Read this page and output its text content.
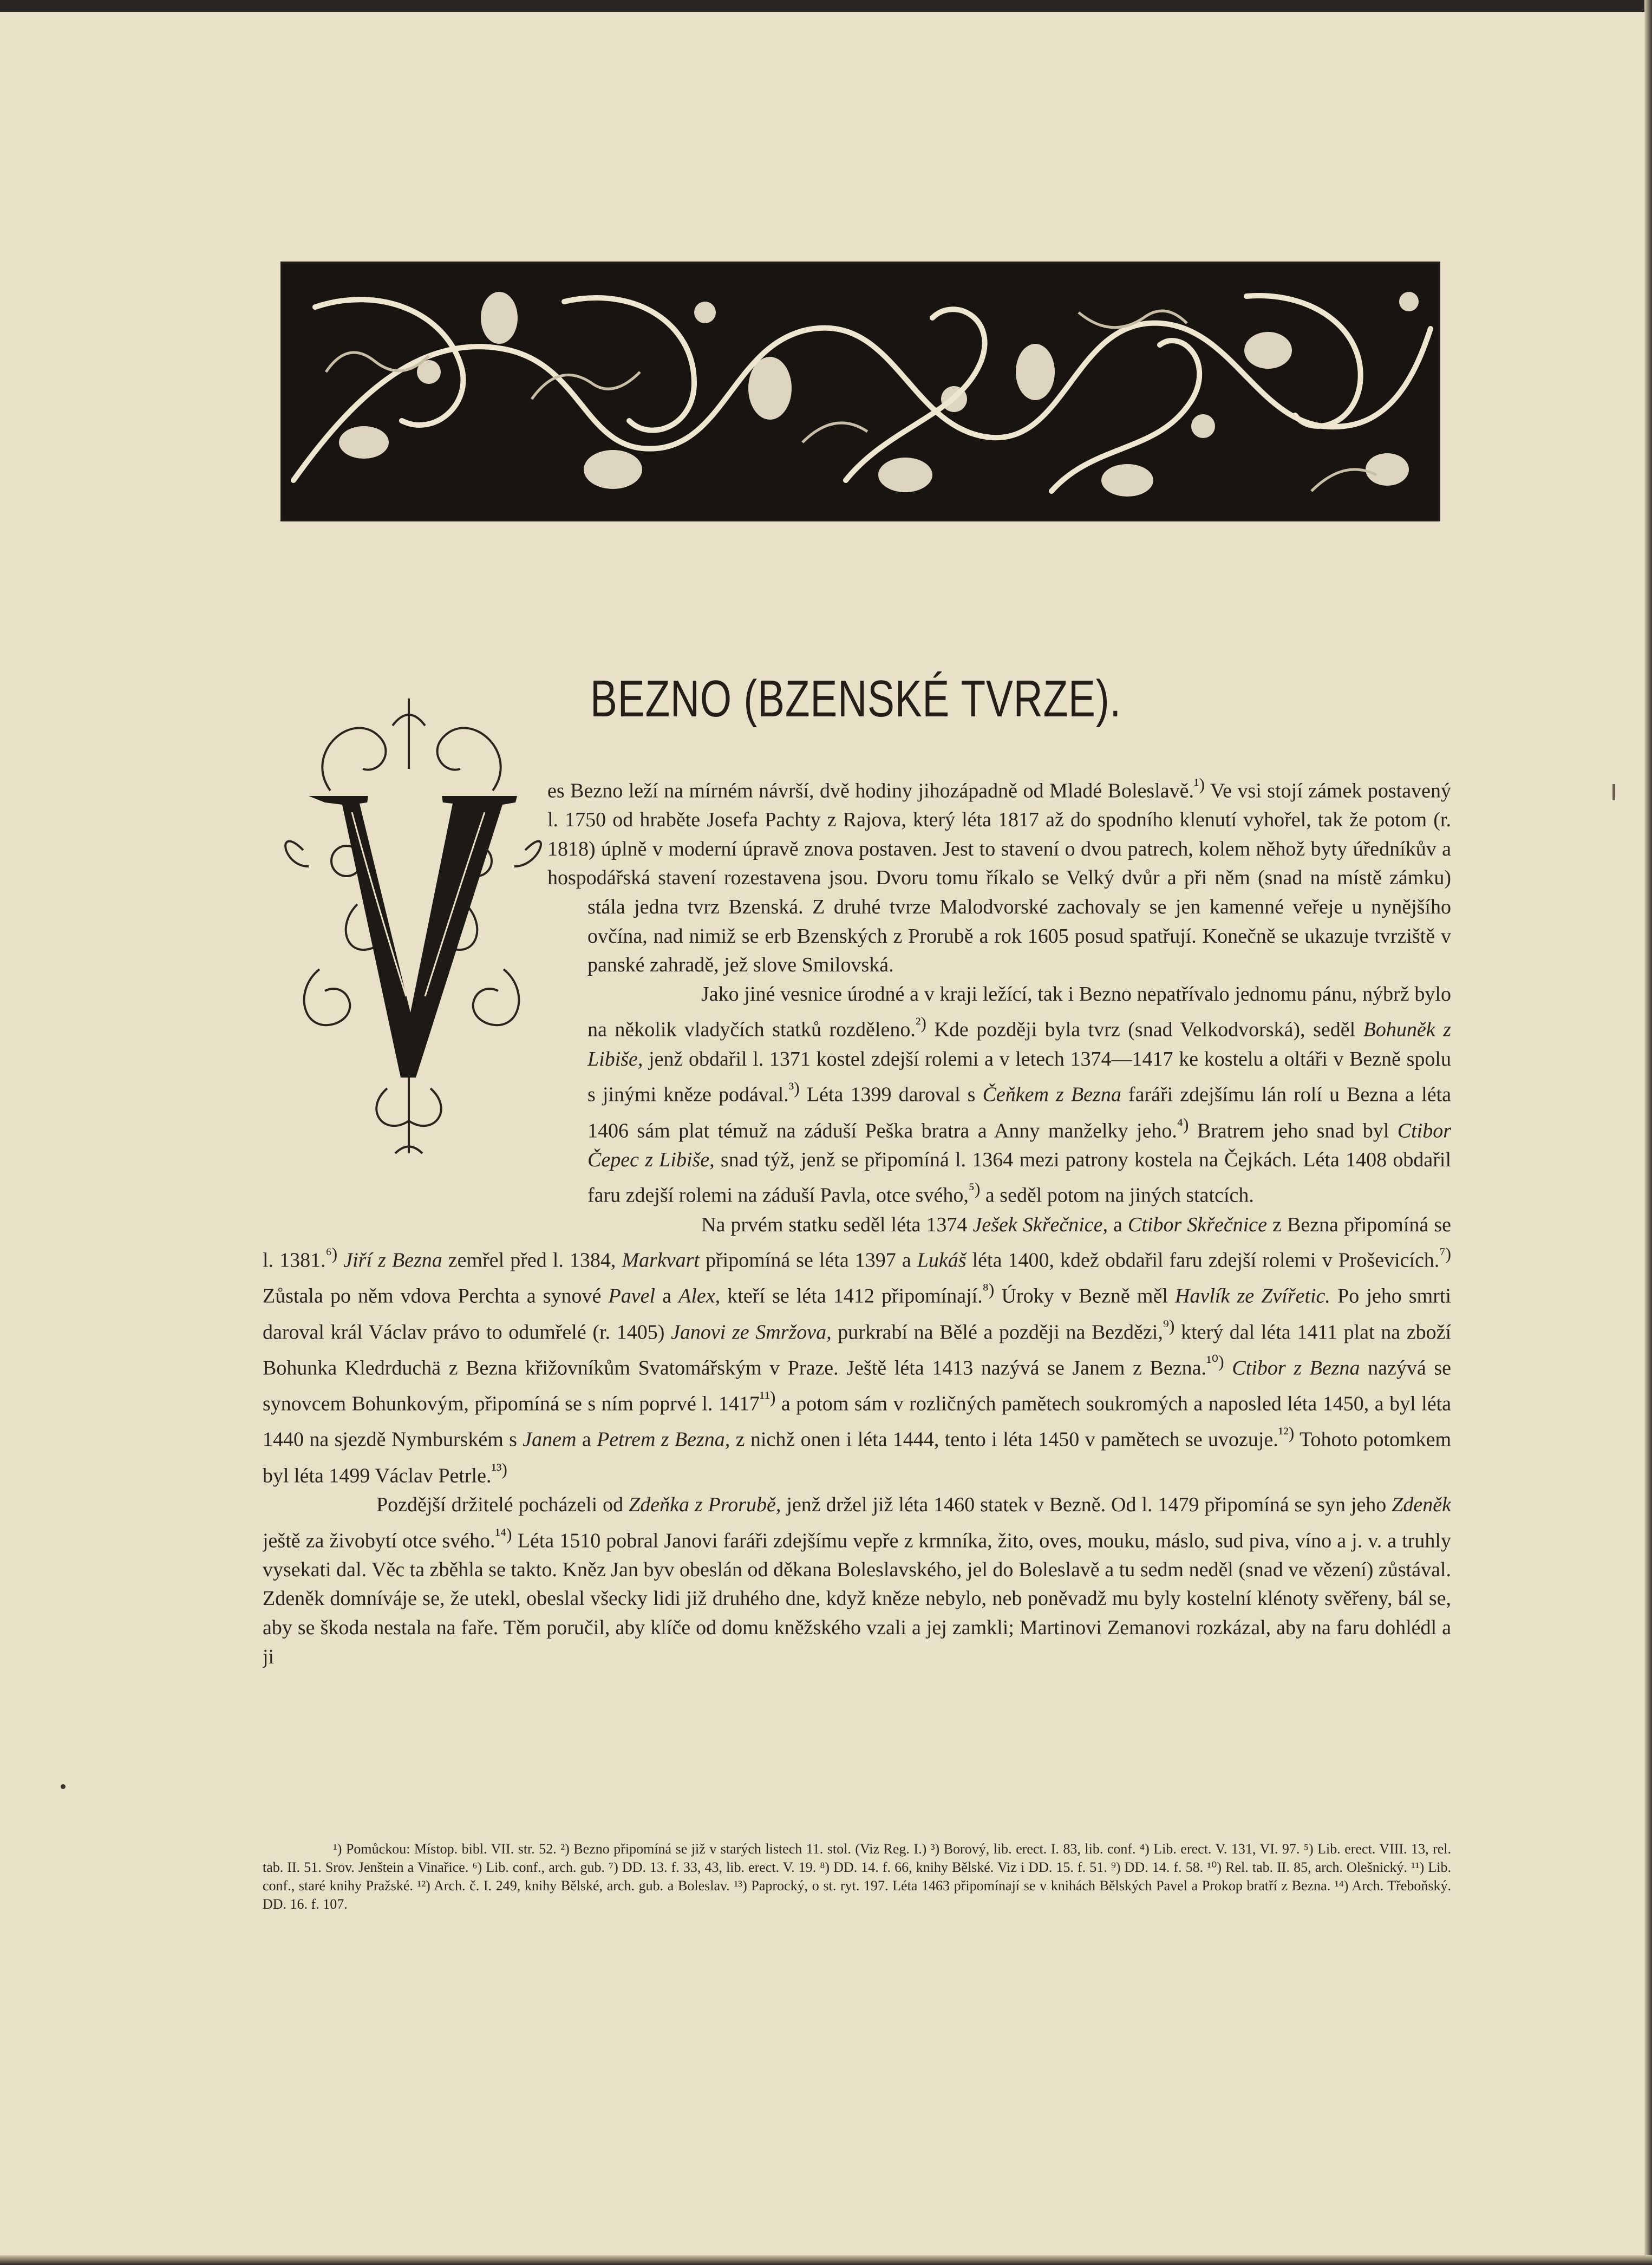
BEZNO (BZENSKÉ TVRZE).

es Bezno leží na mírném návrší, dvě hodiny jihozápadně od Mladé Boleslavě.$^{^1)}$ Ve vsi stojí zámek postavený l. 1750 od hraběte Josefa Pachty z Rajova, který léta 1817 až do spodního klenutí vyhořel, tak že potom (r. 1818) úplně v moderní úpravě znova postaven. Jest to stavení o dvou patrech, kolem něhož byty úředníkův a hospodářská stavení rozestavena jsou. Dvoru tomu říkalo se Velký dvůr a při něm (snad na místě zámku) stála jedna tvrz Bzenská. Z druhé tvrze Malodvorské zachovaly se jen kamenné veřeje u nynějšího ovčína, nad nimiž se erb Bzenských z Prorubě a rok 1605 posud spatřují. Konečně se ukazuje tvrziště v panské zahradě, jež slove Smilovská.

Jako jiné vesnice úrodné a v kraji ležící, tak i Bezno nepatřívalo jednomu pánu, nýbrž bylo na několik vladyčích statků rozděleno.$^{^2)}$ Kde později byla tvrz (snad Velkodvorská), seděl Bohuněk z Libiše, jenž obdařil l. 1371 kostel zdejší rolemi a v letech 1374—1417 ke kostelu a oltáři v Bezně spolu s jinými kněze podával.$^{^3)}$ Léta 1399 daroval s Čeňkem z Bezna faráři zdejšímu lán rolí u Bezna a léta 1406 sám plat témuž na záduší Peška bratra a Anny manželky jeho.$^{^4)}$ Bratrem jeho snad byl Ctibor Čepec z Libiše, snad týž, jenž se připomíná l. 1364 mezi patrony kostela na Čejkách. Léta 1408 obdařil faru zdejší rolemi na záduší Pavla, otce svého,$^{^5)}$ a seděl potom na jiných statcích.

Na prvém statku seděl léta 1374 Ješek Skřečnice, a Ctibor Skřečnice z Bezna připomíná se l. 1381.$^{^6)}$ Jiří z Bezna zemřel před l. 1384, Markvart připomíná se léta 1397 a Lukáš léta 1400, kdež obdařil faru zdejší rolemi v Proševicích.$^{^7)}$ Zůstala po něm vdova Perchta a synové Pavel a Alex, kteří se léta 1412 připomínají.$^{^8)}$ Úroky v Bezně měl Havlík ze Zvířetic. Po jeho smrti daroval král Václav právo to odumřelé (r. 1405) Janovi ze Smržova, purkrabí na Bělé a později na Bezdězi,$^{^9)}$ který dal léta 1411 plat na zboží Bohunka Kledrduchä z Bezna křižovníkům Svatomářským v Praze. Ještě léta 1413 nazývá se Janem z Bezna.$^{^{10})}$ Ctibor z Bezna nazývá se synovcem Bohunkovým, připomíná se s ním poprvé l. $1417^{^{11})}$ a potom sám v rozličných pamětech soukromých a naposled léta 1450, a byl léta 1440 na sjezdě Nymburském s Janem a Petrem z Bezna, z nichž onen i léta 1444, tento i léta 1450 v pamětech se uvozuje.$^{^{12})}$ Tohoto potomkem byl léta 1499 Václav Petrle.$^{^{13})}$

Pozdější držitelé pocházeli od Zdeňka z Prorubě, jenž držel již léta 1460 statek v Bezně. Od l. 1479 připomíná se syn jeho Zdeněk ještě za živobytí otce svého.$^{^{14})}$ Léta 1510 pobral Janovi faráři zdejšímu vepře z krmníka, žito, oves, mouku, máslo, sud piva, víno a j. v. a truhly vysekati dal. Věc ta zběhla se takto. Kněz Jan byv obeslán od děkana Boleslavského, jel do Boleslavě a tu sedm neděl (snad ve vězení) zůstával. Zdeněk domníváje se, že utekl, obeslal všecky lidi již druhého dne, když kněze nebylo, neb poněvadž mu byly kostelní klénoty svěřeny, bál se, aby se škoda nestala na faře. Těm poručil, aby klíče od domu kněžského vzali a jej zamkli; Martinovi Zemanovi rozkázal, aby na faru dohlédl a ji

¹) Pomůckou: Místop. bibl. VII. str. 52. ²) Bezno připomíná se již v starých listech 11. stol. (Viz Reg. I.) ³) Borový, lib. erect. I. 83, lib. conf. ⁴) Lib. erect. V. 131, VI. 97. ⁵) Lib. erect. VIII. 13, rel. tab. II. 51. Srov. Jenštein a Vinařice. ⁶) Lib. conf., arch. gub. ⁷) DD. 13. f. 33, 43, lib. erect. V. 19. ⁸) DD. 14. f. 66, knihy Bělské. Viz i DD. 15. f. 51. ⁹) DD. 14. f. 58. ¹⁰) Rel. tab. II. 85, arch. Olešnický. ¹¹) Lib. conf., staré knihy Pražské. ¹²) Arch. č. I. 249, knihy Bělské, arch. gub. a Boleslav. ¹³) Paprocký, o st. ryt. 197. Léta 1463 připomínají se v knihách Bělských Pavel a Prokop bratří z Bezna. ¹⁴) Arch. Třeboňský. DD. 16. f. 107.
